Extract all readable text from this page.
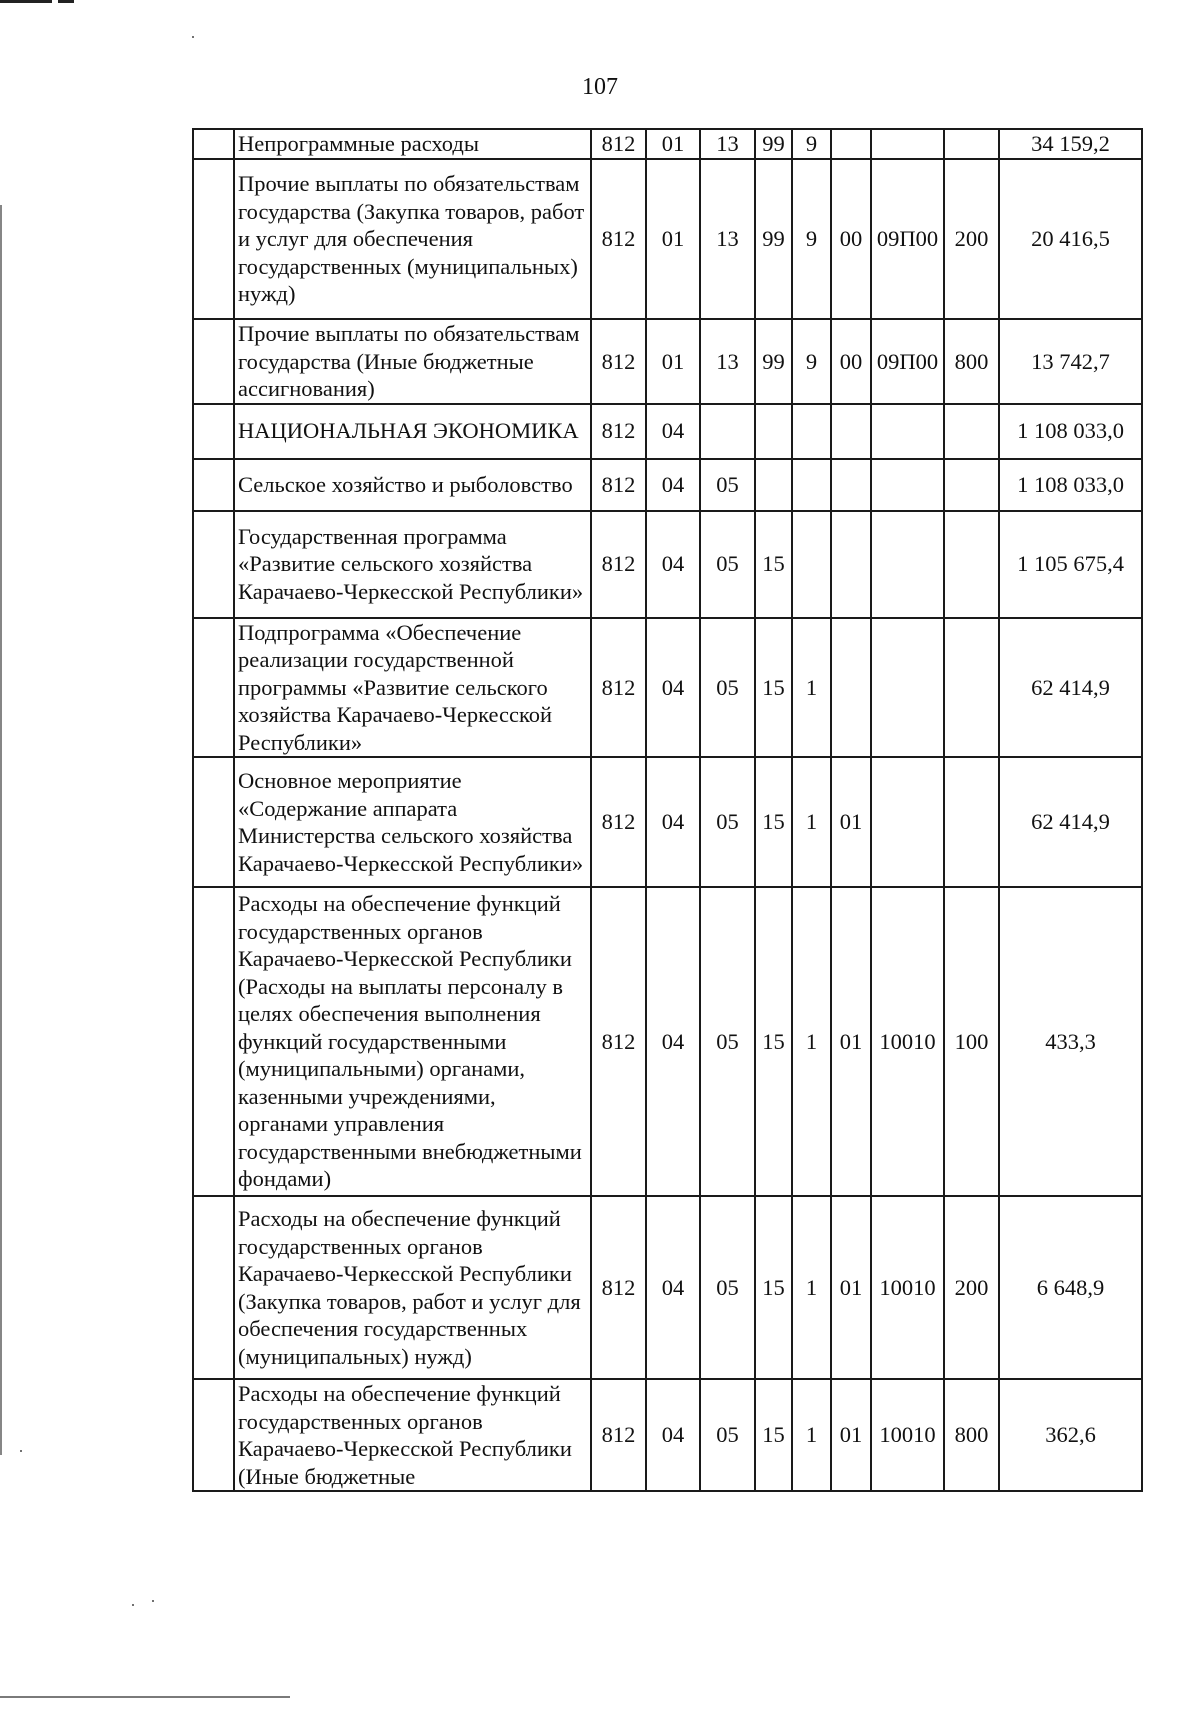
107
	Непрограммные расходы	812	01	13	99	9				34 159,2
	Прочие выплаты по обязательствам государства (Закупка товаров, работ и услуг для обеспечения государственных (муниципальных) нужд)	812	01	13	99	9	00	09П00	200	20 416,5
	Прочие выплаты по обязательствам государства (Иные бюджетные ассигнования)	812	01	13	99	9	00	09П00	800	13 742,7
	НАЦИОНАЛЬНАЯ ЭКОНОМИКА	812	04							1 108 033,0
	Сельское хозяйство и рыболовство	812	04	05						1 108 033,0
	Государственная программа «Развитие сельского хозяйства Карачаево-Черкесской Республики»	812	04	05	15					1 105 675,4
	Подпрограмма «Обеспечение реализации государственной программы «Развитие сельского хозяйства Карачаево-Черкесской Республики»	812	04	05	15	1				62 414,9
	Основное мероприятие «Содержание аппарата Министерства сельского хозяйства Карачаево-Черкесской Республики»	812	04	05	15	1	01			62 414,9
	Расходы на обеспечение функций государственных органов Карачаево-Черкесской Республики (Расходы на выплаты персоналу в целях обеспечения выполнения функций государственными (муниципальными) органами, казенными учреждениями, органами управления государственными внебюджетными фондами)	812	04	05	15	1	01	10010	100	433,3
	Расходы на обеспечение функций государственных органов Карачаево-Черкесской Республики (Закупка товаров, работ и услуг для обеспечения государственных (муниципальных) нужд)	812	04	05	15	1	01	10010	200	6 648,9
	Расходы на обеспечение функций государственных органов Карачаево-Черкесской Республики (Иные бюджетные	812	04	05	15	1	01	10010	800	362,6
